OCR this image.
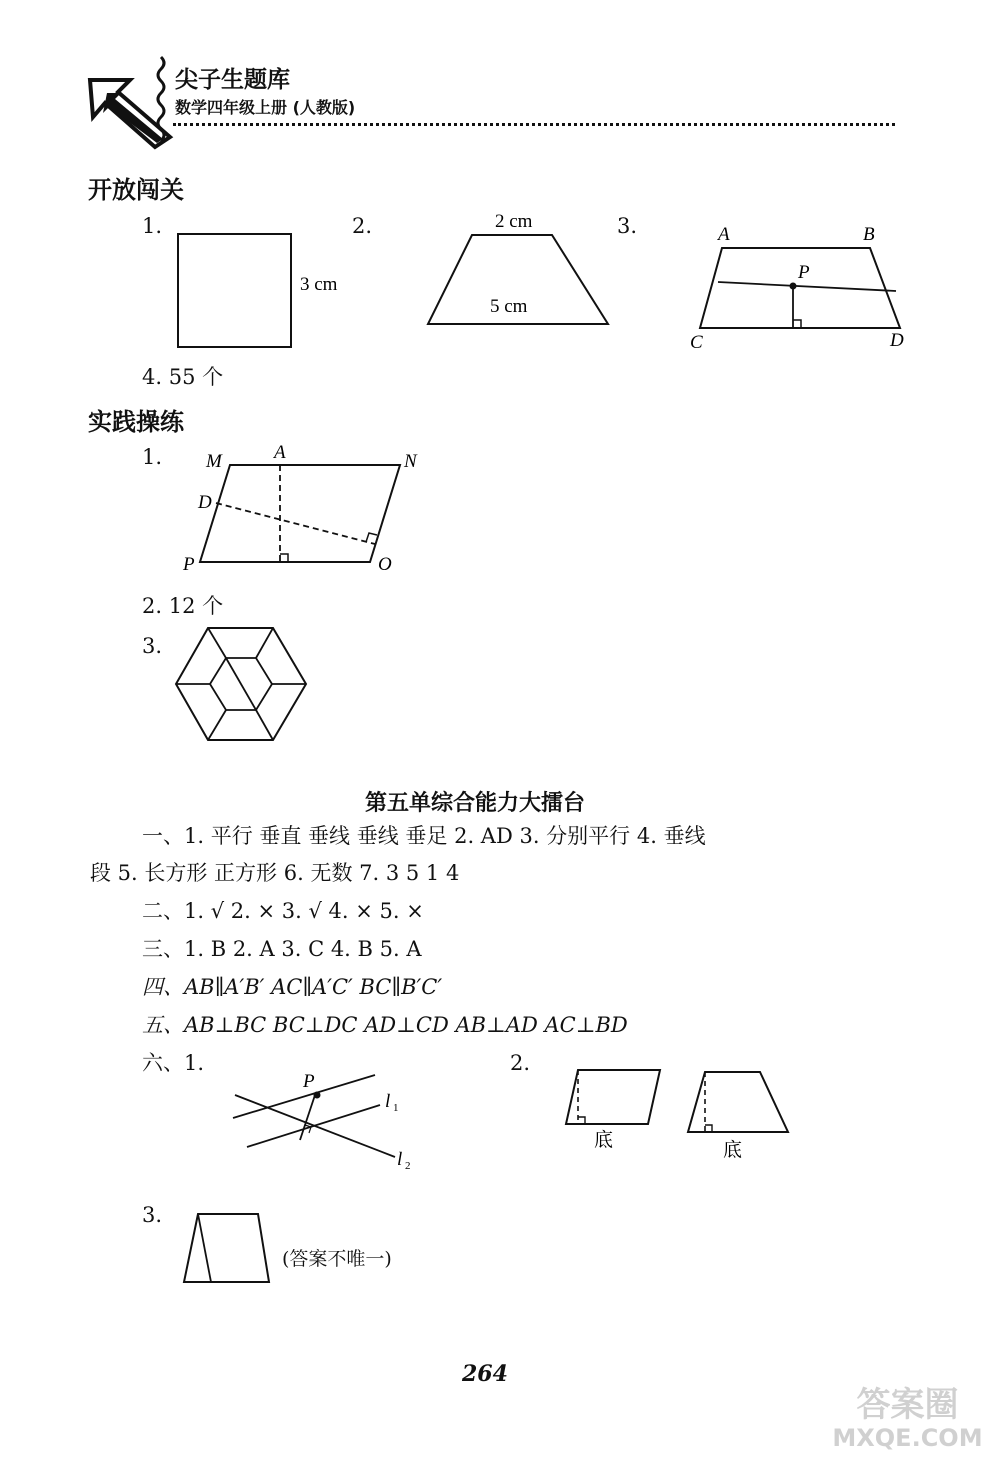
尖子生题库
数学四年级上册 (人教版)
开放闯关
1.
3 cm
2.	2 cm
5 cm
3.	A	B
C	D
P
4. 55 个
实践操练
1. M	A	N
D
P	O
2. 12 个
3.
第五单综合能力大擂台
一、1. 平行 垂直 垂线 垂线 垂足 2. AD 3. 分别平行 4. 垂线
段 5. 长方形 正方形 6. 无数 7. 3 5 1 4
二、1. √ 2. × 3. √ 4. × 5. ×
三、1. B 2. A 3. C 4. B 5. A
四、AB∥A′B′ AC∥A′C′ BC∥B′C′
五、AB⊥BC BC⊥DC AD⊥CD AB⊥AD AC⊥BD
六、1.
P
l 1
l 2
2.
底	底
3.
(答案不唯一)
264
答案圈
MXQE.COM
